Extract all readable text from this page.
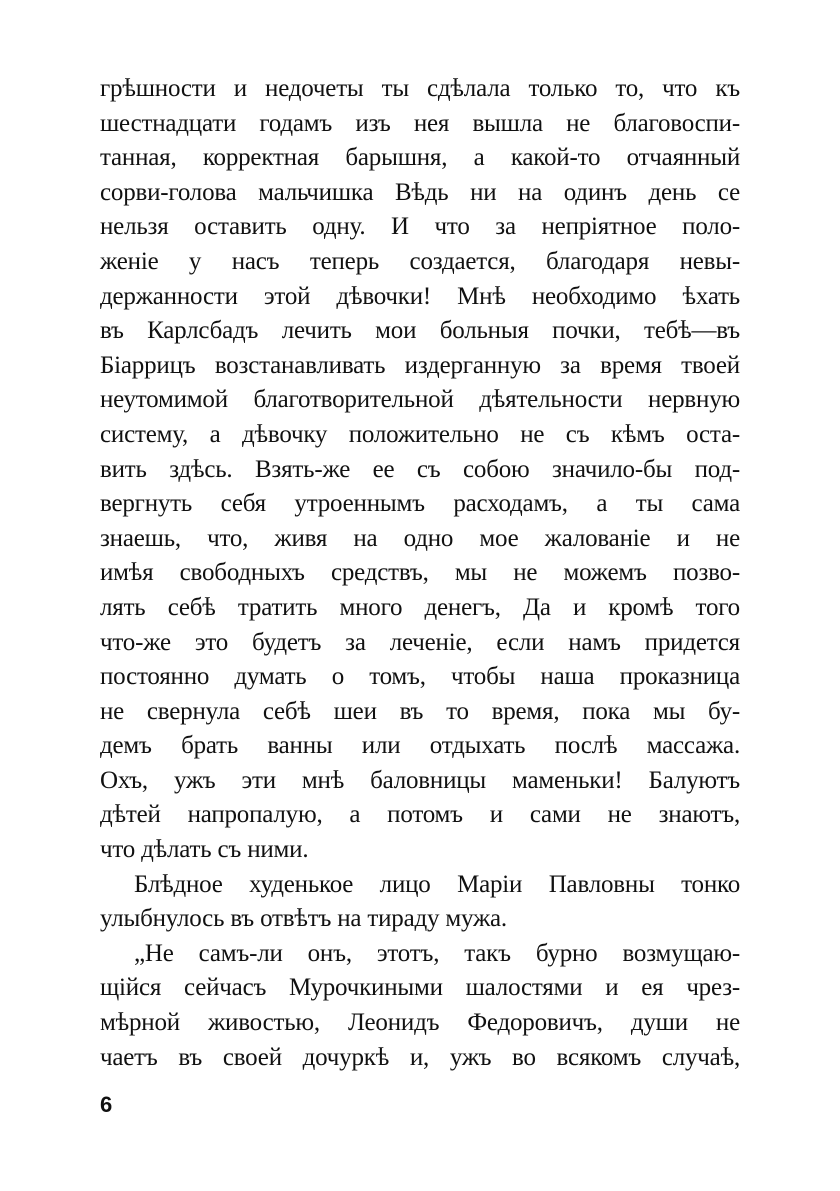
грѣшности и недочеты ты сдѣлала только то, что къ
шестнадцати годамъ изъ нея вышла не благовоспи-
танная, корректная барышня, а какой-то отчаянный
сорви-голова мальчишка Вѣдь ни на одинъ день се
нельзя оставить одну. И что за непріятное поло-
женіе у насъ теперь создается, благодаря невы-
держанности этой дѣвочки! Мнѣ необходимо ѣхать
въ Карлсбадъ лечить мои больныя почки, тебѣ—въ
Біаррицъ возстанавливать издерганную за время твоей
неутомимой благотворительной дѣятельности нервную
систему, а дѣвочку положительно не съ кѣмъ оста-
вить здѣсь. Взять-же ее съ собою значило-бы под-
вергнуть себя утроеннымъ расходамъ, а ты сама
знаешь, что, живя на одно мое жалованіе и не
имѣя свободныхъ средствъ, мы не можемъ позво-
лять себѣ тратить много денегъ, Да и кромѣ того
что-же это будетъ за леченіе, если намъ придется
постоянно думать о томъ, чтобы наша проказница
не свернула себѣ шеи въ то время, пока мы бу-
демъ брать ванны или отдыхать послѣ массажа.
Охъ, ужъ эти мнѣ баловницы маменьки! Балуютъ
дѣтей напропалую, а потомъ и сами не знаютъ,
что дѣлать съ ними.
Блѣдное худенькое лицо Маріи Павловны тонко
улыбнулось въ отвѣтъ на тираду мужа.
„Не самъ-ли онъ, этотъ, такъ бурно возмущаю-
щійся сейчасъ Мурочкиными шалостями и ея чрез-
мѣрной живостью, Леонидъ Федоровичъ, души не
чаетъ въ своей дочуркѣ и, ужъ во всякомъ случаѣ,
6
